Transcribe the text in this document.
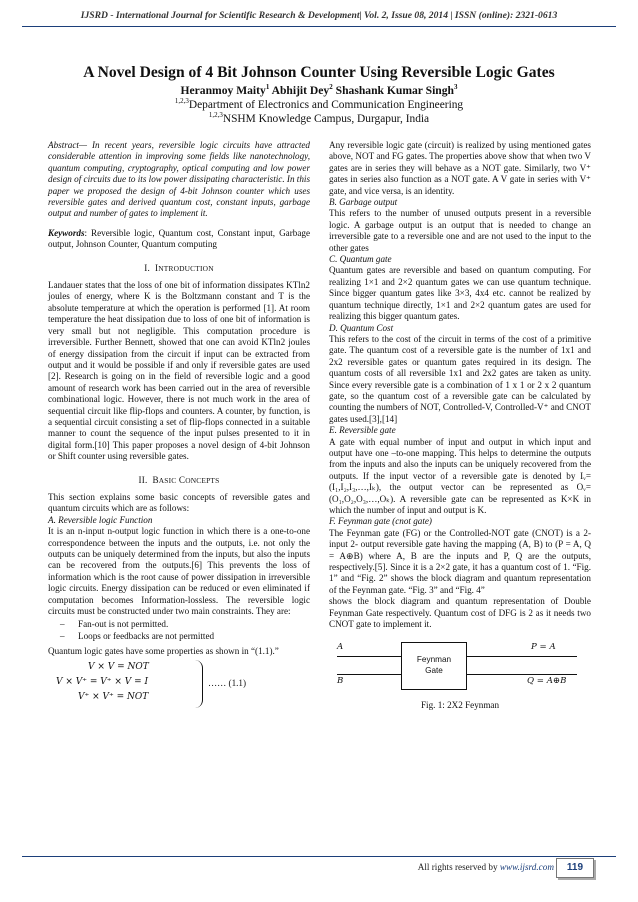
IJSRD - International Journal for Scientific Research & Development| Vol. 2, Issue 08, 2014 | ISSN (online): 2321-0613
A Novel Design of 4 Bit Johnson Counter Using Reversible Logic Gates
Heranmoy Maity$^1$ Abhijit Dey$^2$ Shashank Kumar Singh$^3$
$^{1,2,3}$Department of Electronics and Communication Engineering
$^{1,2,3}$NSHM Knowledge Campus, Durgapur, India

Abstract— In recent years, reversible logic circuits have attracted considerable attention in improving some fields like nanotechnology, quantum computing, cryptography, optical computing and low power design of circuits due to its low power dissipating characteristic. In this paper we proposed the design of 4-bit Johnson counter which uses reversible gates and derived quantum cost, constant inputs, garbage output and number of gates to implement it.

Keywords: Reversible logic, Quantum cost, Constant input, Garbage output, Johnson Counter, Quantum computing

I. INTRODUCTION

Landauer states that the loss of one bit of information dissipates KTln2 joules of energy, where K is the Boltzmann constant and T is the absolute temperature at which the operation is performed [1]. At room temperature the heat dissipation due to loss of one bit of information is very small but not negligible. This computation procedure is irreversible. Further Bennett, showed that one can avoid KTln2 joules of energy dissipation from the circuit if input can be extracted from output and it would be possible if and only if reversible gates are used [2]. Research is going on in the field of reversible logic and a good amount of research work has been carried out in the area of reversible combinational logic. However, there is not much work in the area of sequential circuit like flip-flops and counters. A counter, by function, is a sequential circuit consisting a set of flip-flops connected in a suitable manner to count the sequence of the input pulses presented to it in digital form.[10] This paper proposes a novel design of 4-bit Johnson or Shift counter using reversible gates.

II. BASIC CONCEPTS

This section explains some basic concepts of reversible gates and quantum circuits which are as follows:

A. Reversible logic Function

It is an n-input n-output logic function in which there is a one-to-one correspondence between the inputs and the outputs, i.e. not only the outputs can be uniquely determined from the inputs, but also the inputs can be recovered from the outputs.[6] This prevents the loss of information which is the root cause of power dissipation in irreversible logic circuits. Energy dissipation can be reduced or even eliminated if computation becomes Information-lossless. The reversible logic circuits must be constructed under two main constraints. They are:

– Fan-out is not permitted.
– Loops or feedbacks are not permitted

Quantum logic gates have some properties as shown in “(1.1).”

V × V = NOT
V × V⁺ = V⁺ × V = I
V⁺ × V⁺ = NOT
…… (1.1)

Any reversible logic gate (circuit) is realized by using mentioned gates above, NOT and FG gates. The properties above show that when two V gates are in series they will behave as a NOT gate. Similarly, two V⁺ gates in series also function as a NOT gate. A V gate in series with V⁺ gate, and vice versa, is an identity.

B. Garbage output

This refers to the number of unused outputs present in a reversible logic. A garbage output is an output that is needed to change an irreversible gate to a reversible one and are not used to the input to the other gates

C. Quantum gate

Quantum gates are reversible and based on quantum computing. For realizing 1×1 and 2×2 quantum gates we can use quantum technique. Since bigger quantum gates like 3×3, 4x4 etc. cannot be realized by quantum technique directly, 1×1 and 2×2 quantum gates are used for realizing this bigger quantum gates.

D. Quantum Cost

This refers to the cost of the circuit in terms of the cost of a primitive gate. The quantum cost of a reversible gate is the number of 1x1 and 2x2 reversible gates or quantum gates required in its design. The quantum costs of all reversible 1x1 and 2x2 gates are taken as unity. Since every reversible gate is a combination of 1 x 1 or 2 x 2 quantum gate, so the quantum cost of a reversible gate can be calculated by counting the numbers of NOT, Controlled-V, Controlled-V⁺ and CNOT gates used.[3],[14]

E. Reversible gate

A gate with equal number of input and output in which input and output have one –to-one mapping. This helps to determine the outputs from the inputs and also the inputs can be uniquely recovered from the outputs. If the input vector of a reversible gate is denoted by Iᵥ= (I₁,I₂,I₃,…,Iₖ), the output vector can be represented as Oᵥ= (O₁,O₂,O₃,…,Oₖ). A reversible gate can be represented as K×K in which the number of input and output is K.

F. Feynman gate (cnot gate)

The Feynman gate (FG) or the Controlled-NOT gate (CNOT) is a 2-input 2- output reversible gate having the mapping (A, B) to (P = A, Q = A⊕B) where A, B are the inputs and P, Q are the outputs, respectively.[5]. Since it is a 2×2 gate, it has a quantum cost of 1. “Fig. 1” and “Fig. 2” shows the block diagram and quantum representation of the Feynman gate. “Fig. 3” and “Fig. 4”

shows the block diagram and quantum representation of Double Feynman Gate respectively. Quantum cost of DFG is 2 as it needs two CNOT gate to implement it.

A
B
Feynman
Gate
P = A
Q = A⊕B
Fig. 1: 2X2 Feynman
All rights reserved by www.ijsrd.com	119
